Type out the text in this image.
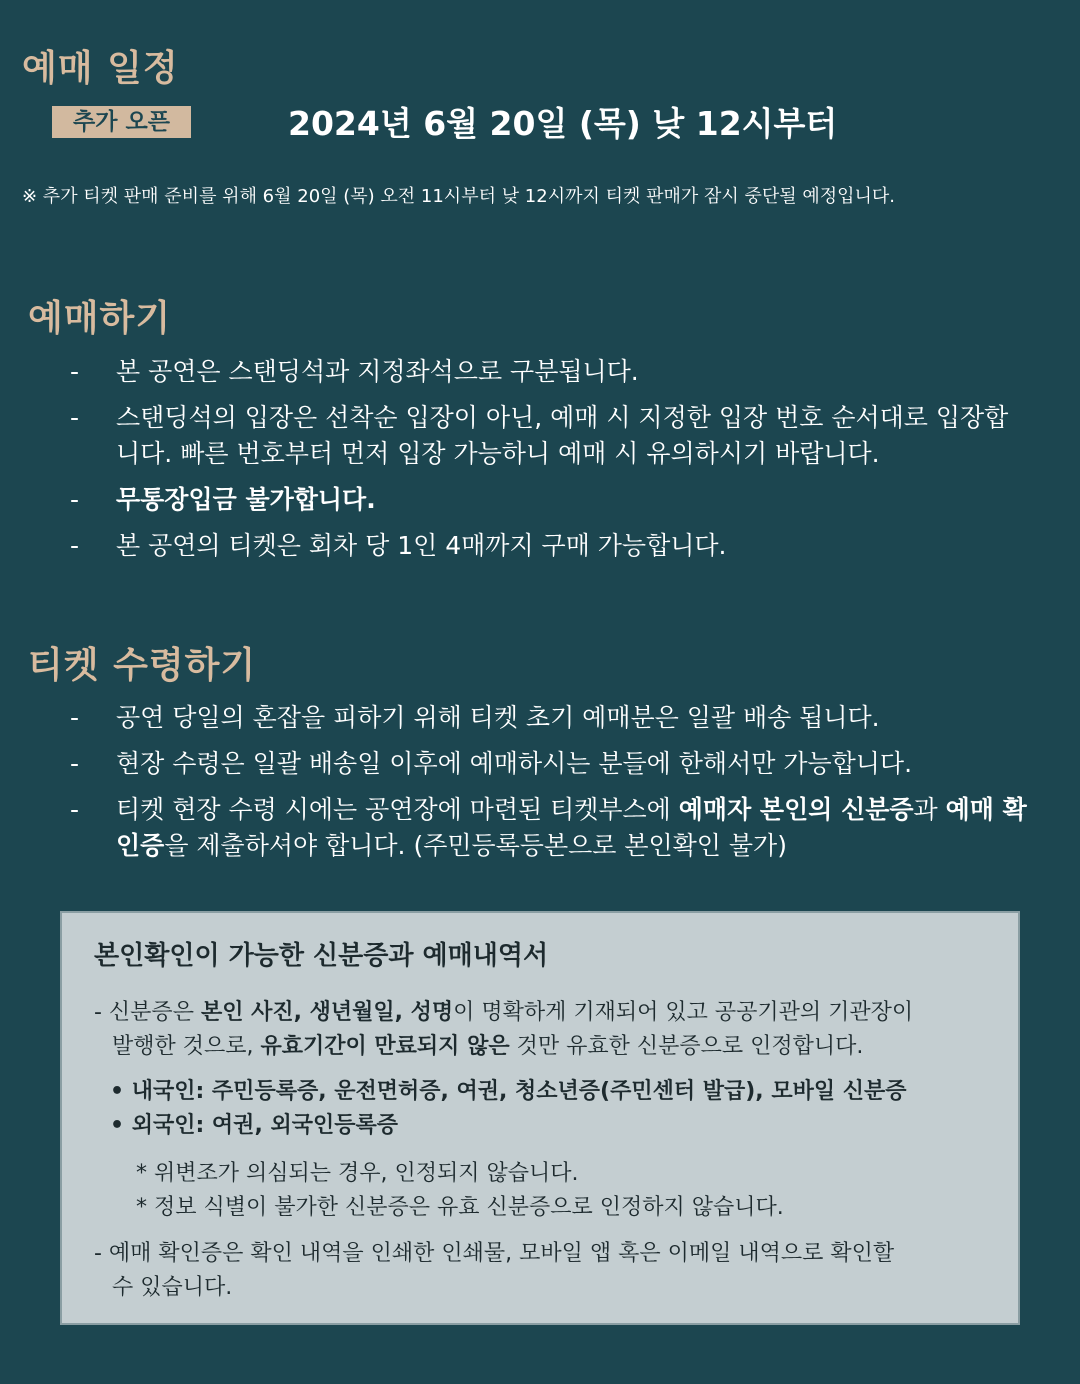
예매 일정
추가 오픈	2024년 6월 20일 (목) 낮 12시부터
※ 추가 티켓 판매 준비를 위해 6월 20일 (목) 오전 11시부터 낮 12시까지 티켓 판매가 잠시 중단될 예정입니다.
예매하기
- 본 공연은 스탠딩석과 지정좌석으로 구분됩니다.
- 스탠딩석의 입장은 선착순 입장이 아닌, 예매 시 지정한 입장 번호 순서대로 입장합니다. 빠른 번호부터 먼저 입장 가능하니 예매 시 유의하시기 바랍니다.
- 무통장입금 불가합니다.
- 본 공연의 티켓은 회차 당 1인 4매까지 구매 가능합니다.
티켓 수령하기
- 공연 당일의 혼잡을 피하기 위해 티켓 초기 예매분은 일괄 배송 됩니다.
- 현장 수령은 일괄 배송일 이후에 예매하시는 분들에 한해서만 가능합니다.
- 티켓 현장 수령 시에는 공연장에 마련된 티켓부스에 예매자 본인의 신분증과 예매 확인증을 제출하셔야 합니다. (주민등록등본으로 본인확인 불가)
본인확인이 가능한 신분증과 예매내역서
- 신분증은 본인 사진, 생년월일, 성명이 명확하게 기재되어 있고 공공기관의 기관장이
발행한 것으로, 유효기간이 만료되지 않은 것만 유효한 신분증으로 인정합니다.
• 내국인: 주민등록증, 운전면허증, 여권, 청소년증(주민센터 발급), 모바일 신분증
• 외국인: 여권, 외국인등록증
* 위변조가 의심되는 경우, 인정되지 않습니다.
* 정보 식별이 불가한 신분증은 유효 신분증으로 인정하지 않습니다.
- 예매 확인증은 확인 내역을 인쇄한 인쇄물, 모바일 앱 혹은 이메일 내역으로 확인할
수 있습니다.
